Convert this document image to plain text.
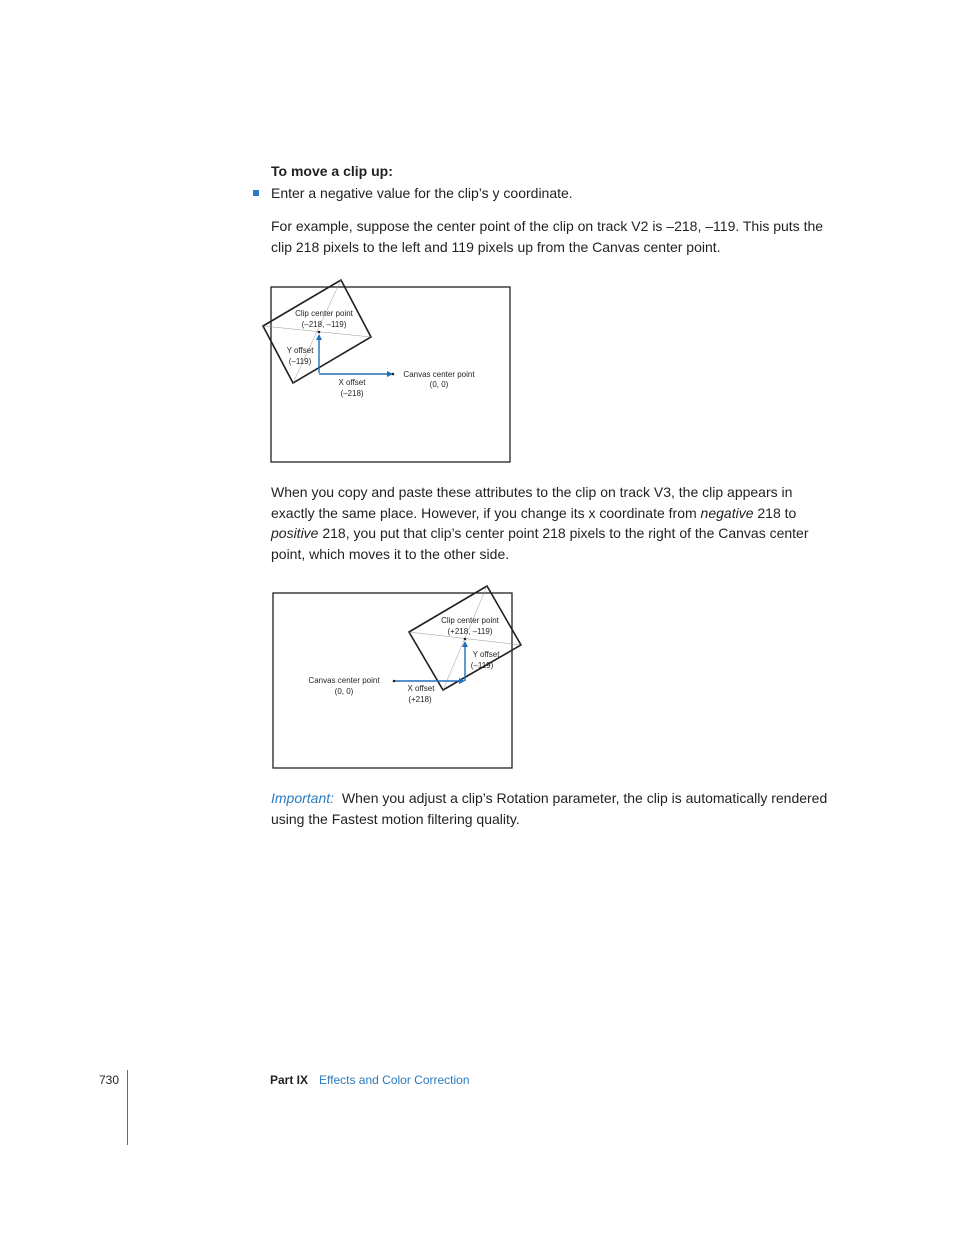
To move a clip up:
Enter a negative value for the clip’s y coordinate.
For example, suppose the center point of the clip on track V2 is –218, –119. This puts the clip 218 pixels to the left and 119 pixels up from the Canvas center point.
Clip center point
(–218, –119)
Y offset
(–119)
X offset
(–218)
Canvas center point
(0, 0)
When you copy and paste these attributes to the clip on track V3, the clip appears in exactly the same place. However, if you change its x coordinate from negative 218 to positive 218, you put that clip’s center point 218 pixels to the right of the Canvas center point, which moves it to the other side.
Clip center point
(+218, –119)
Y offset
(–119)
Canvas center point
(0, 0)	X offset
(+218)
Important: When you adjust a clip’s Rotation parameter, the clip is automatically rendered using the Fastest motion filtering quality.
730	Part IX Effects and Color Correction
